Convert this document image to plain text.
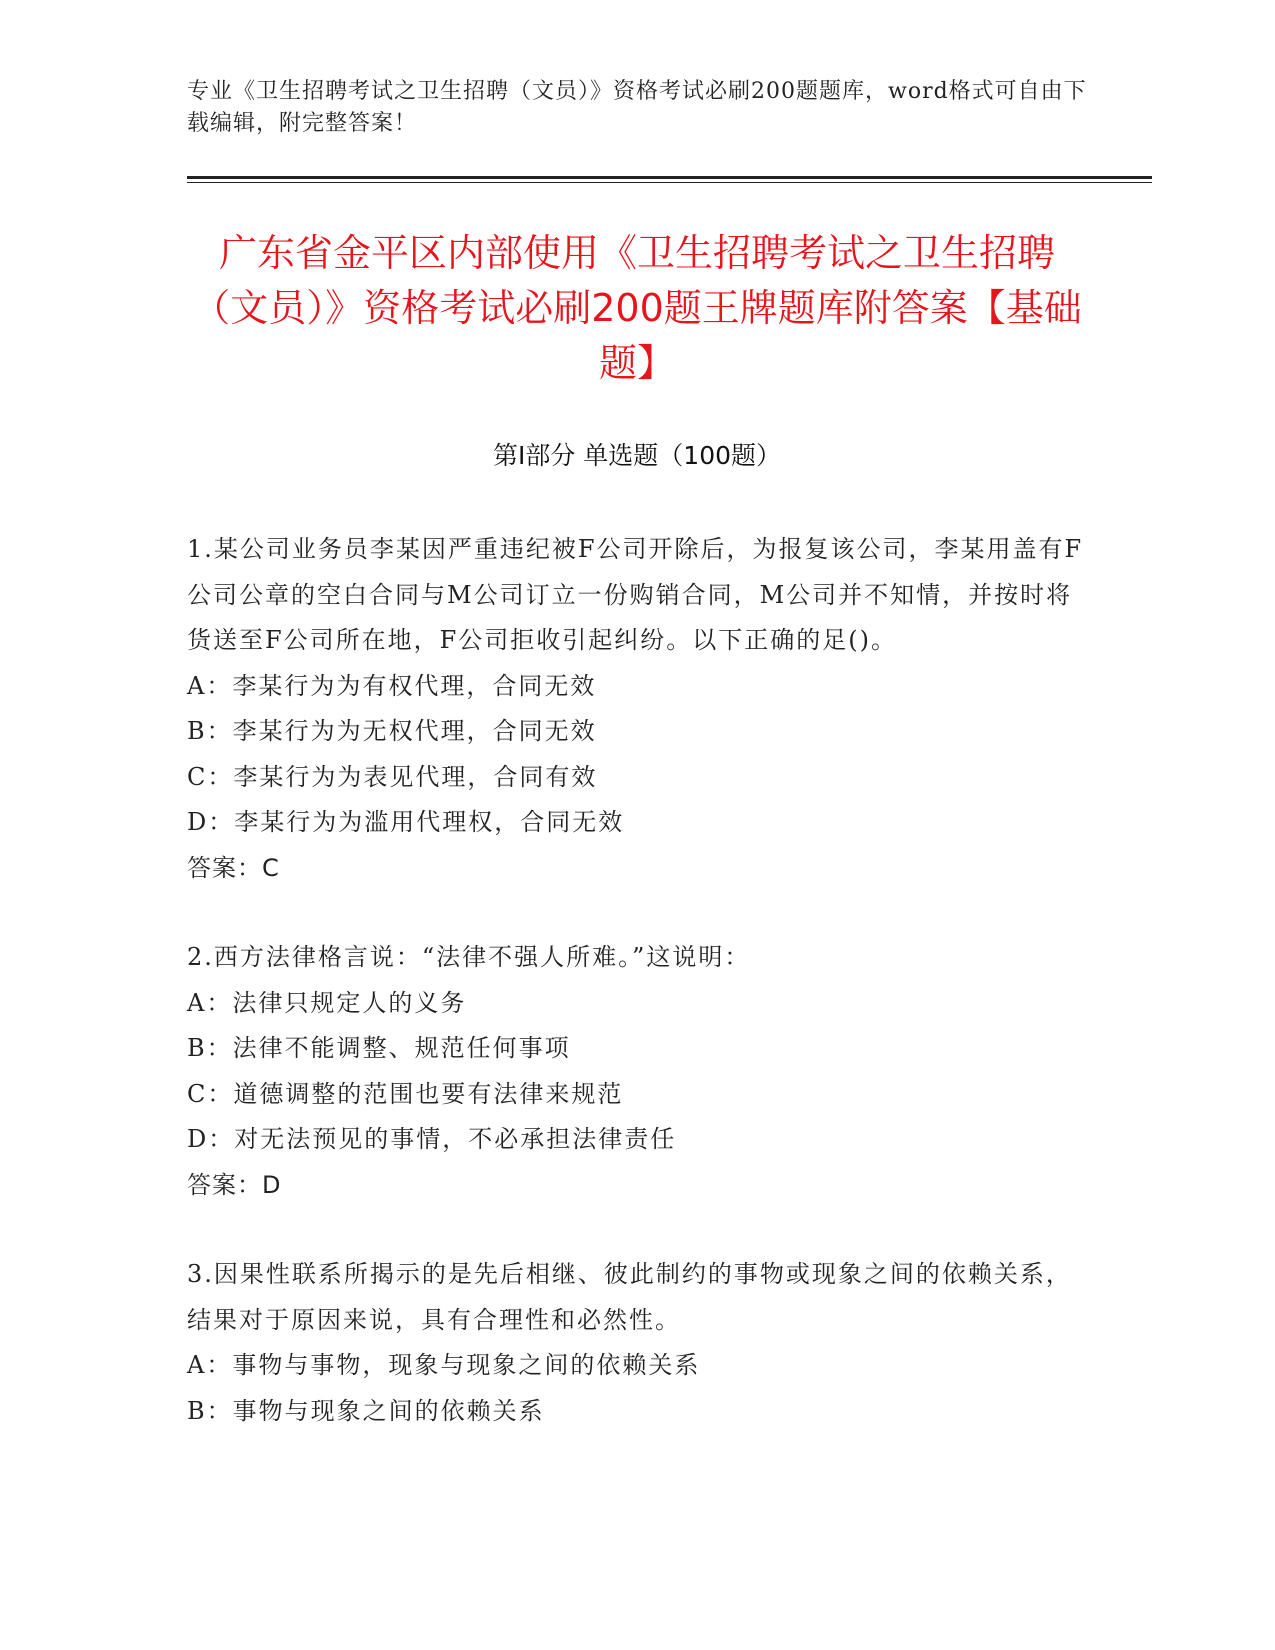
专业《卫生招聘考试之卫生招聘（文员）》资格考试必刷200题题库，word格式可自由下载编辑，附完整答案！
广东省金平区内部使用《卫生招聘考试之卫生招聘（文员）》资格考试必刷200题王牌题库附答案【基础题】
第Ⅰ部分 单选题（100题）
1.某公司业务员李某因严重违纪被F公司开除后，为报复该公司，李某用盖有F公司公章的空白合同与M公司订立一份购销合同，M公司并不知情，并按时将货送至F公司所在地，F公司拒收引起纠纷。以下正确的足()。
A：李某行为为有权代理，合同无效
B：李某行为为无权代理，合同无效
C：李某行为为表见代理，合同有效
D：李某行为为滥用代理权，合同无效
答案：C
2.西方法律格言说：“法律不强人所难。”这说明：
A：法律只规定人的义务
B：法律不能调整、规范任何事项
C：道德调整的范围也要有法律来规范
D：对无法预见的事情，不必承担法律责任
答案：D
3.因果性联系所揭示的是先后相继、彼此制约的事物或现象之间的依赖关系，结果对于原因来说，具有合理性和必然性。
A：事物与事物，现象与现象之间的依赖关系
B：事物与现象之间的依赖关系
